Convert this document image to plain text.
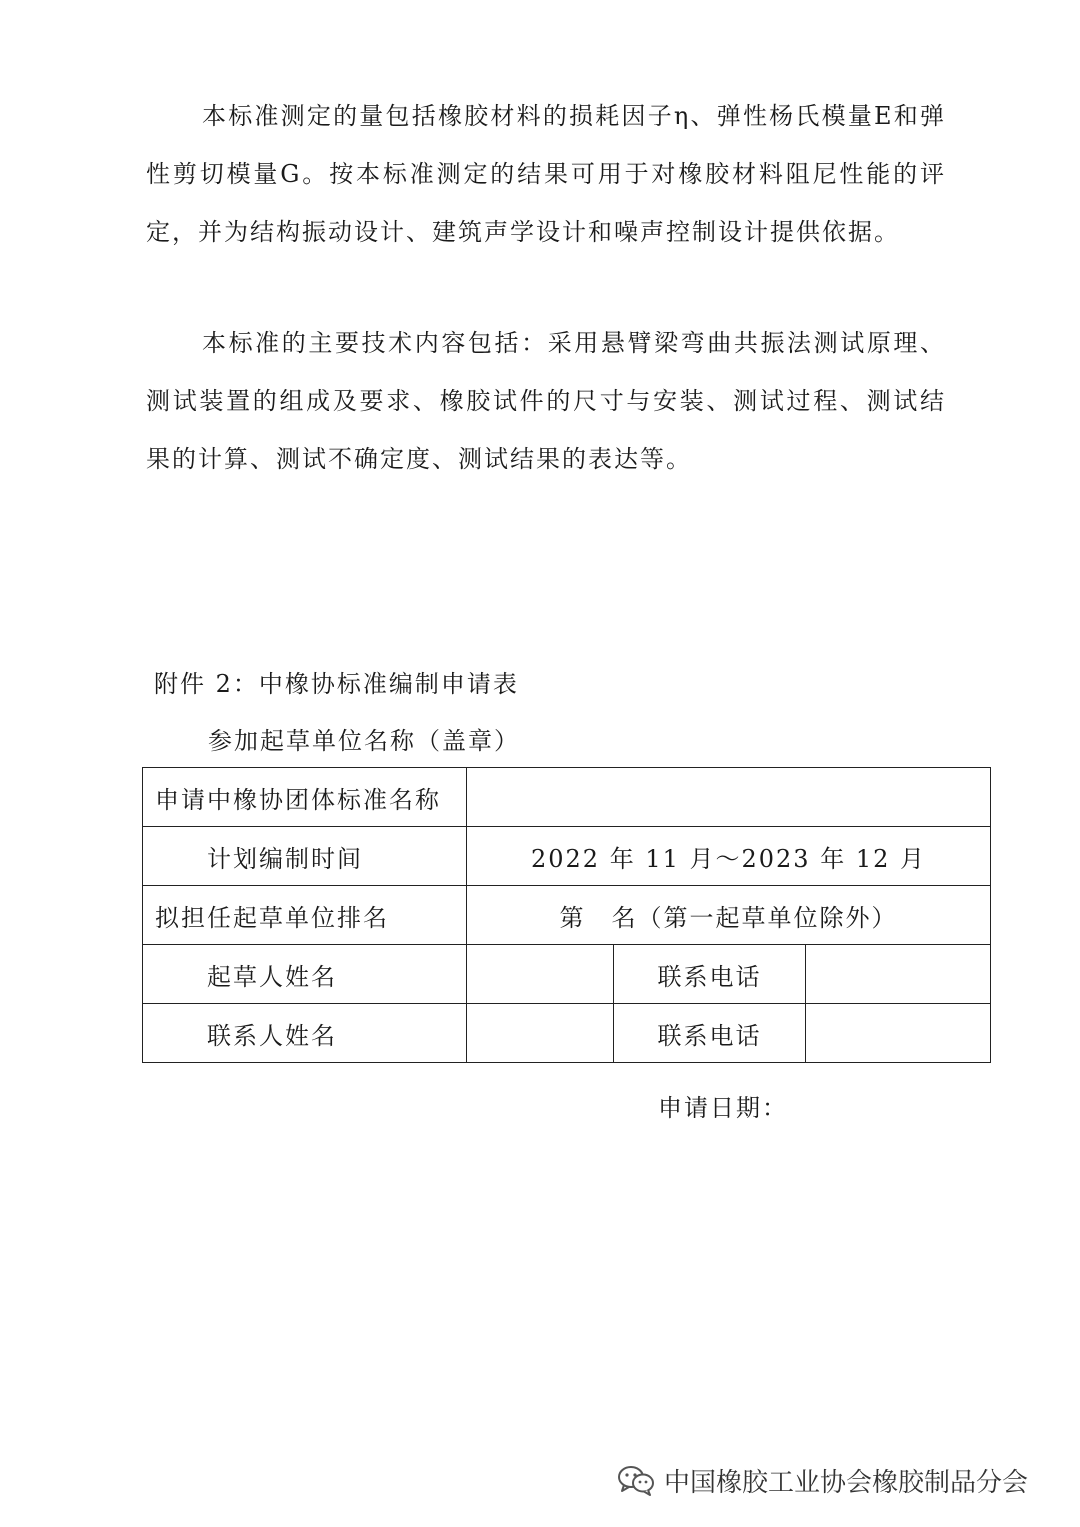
本标准测定的量包括橡胶材料的损耗因子η、弹性杨氏模量E和弹性剪切模量G。按本标准测定的结果可用于对橡胶材料阻尼性能的评定，并为结构振动设计、建筑声学设计和噪声控制设计提供依据。

本标准的主要技术内容包括：采用悬臂梁弯曲共振法测试原理、测试装置的组成及要求、橡胶试件的尺寸与安装、测试过程、测试结果的计算、测试不确定度、测试结果的表达等。

附件 2：中橡协标准编制申请表
参加起草单位名称（盖章）
申请中橡协团体标准名称			
计划编制时间	2022 年 11 月～2023 年 12 月		
拟担任起草单位排名	第　名（第一起草单位除外）		
起草人姓名		联系电话	
联系人姓名		联系电话	
申请日期：
中国橡胶工业协会橡胶制品分会
